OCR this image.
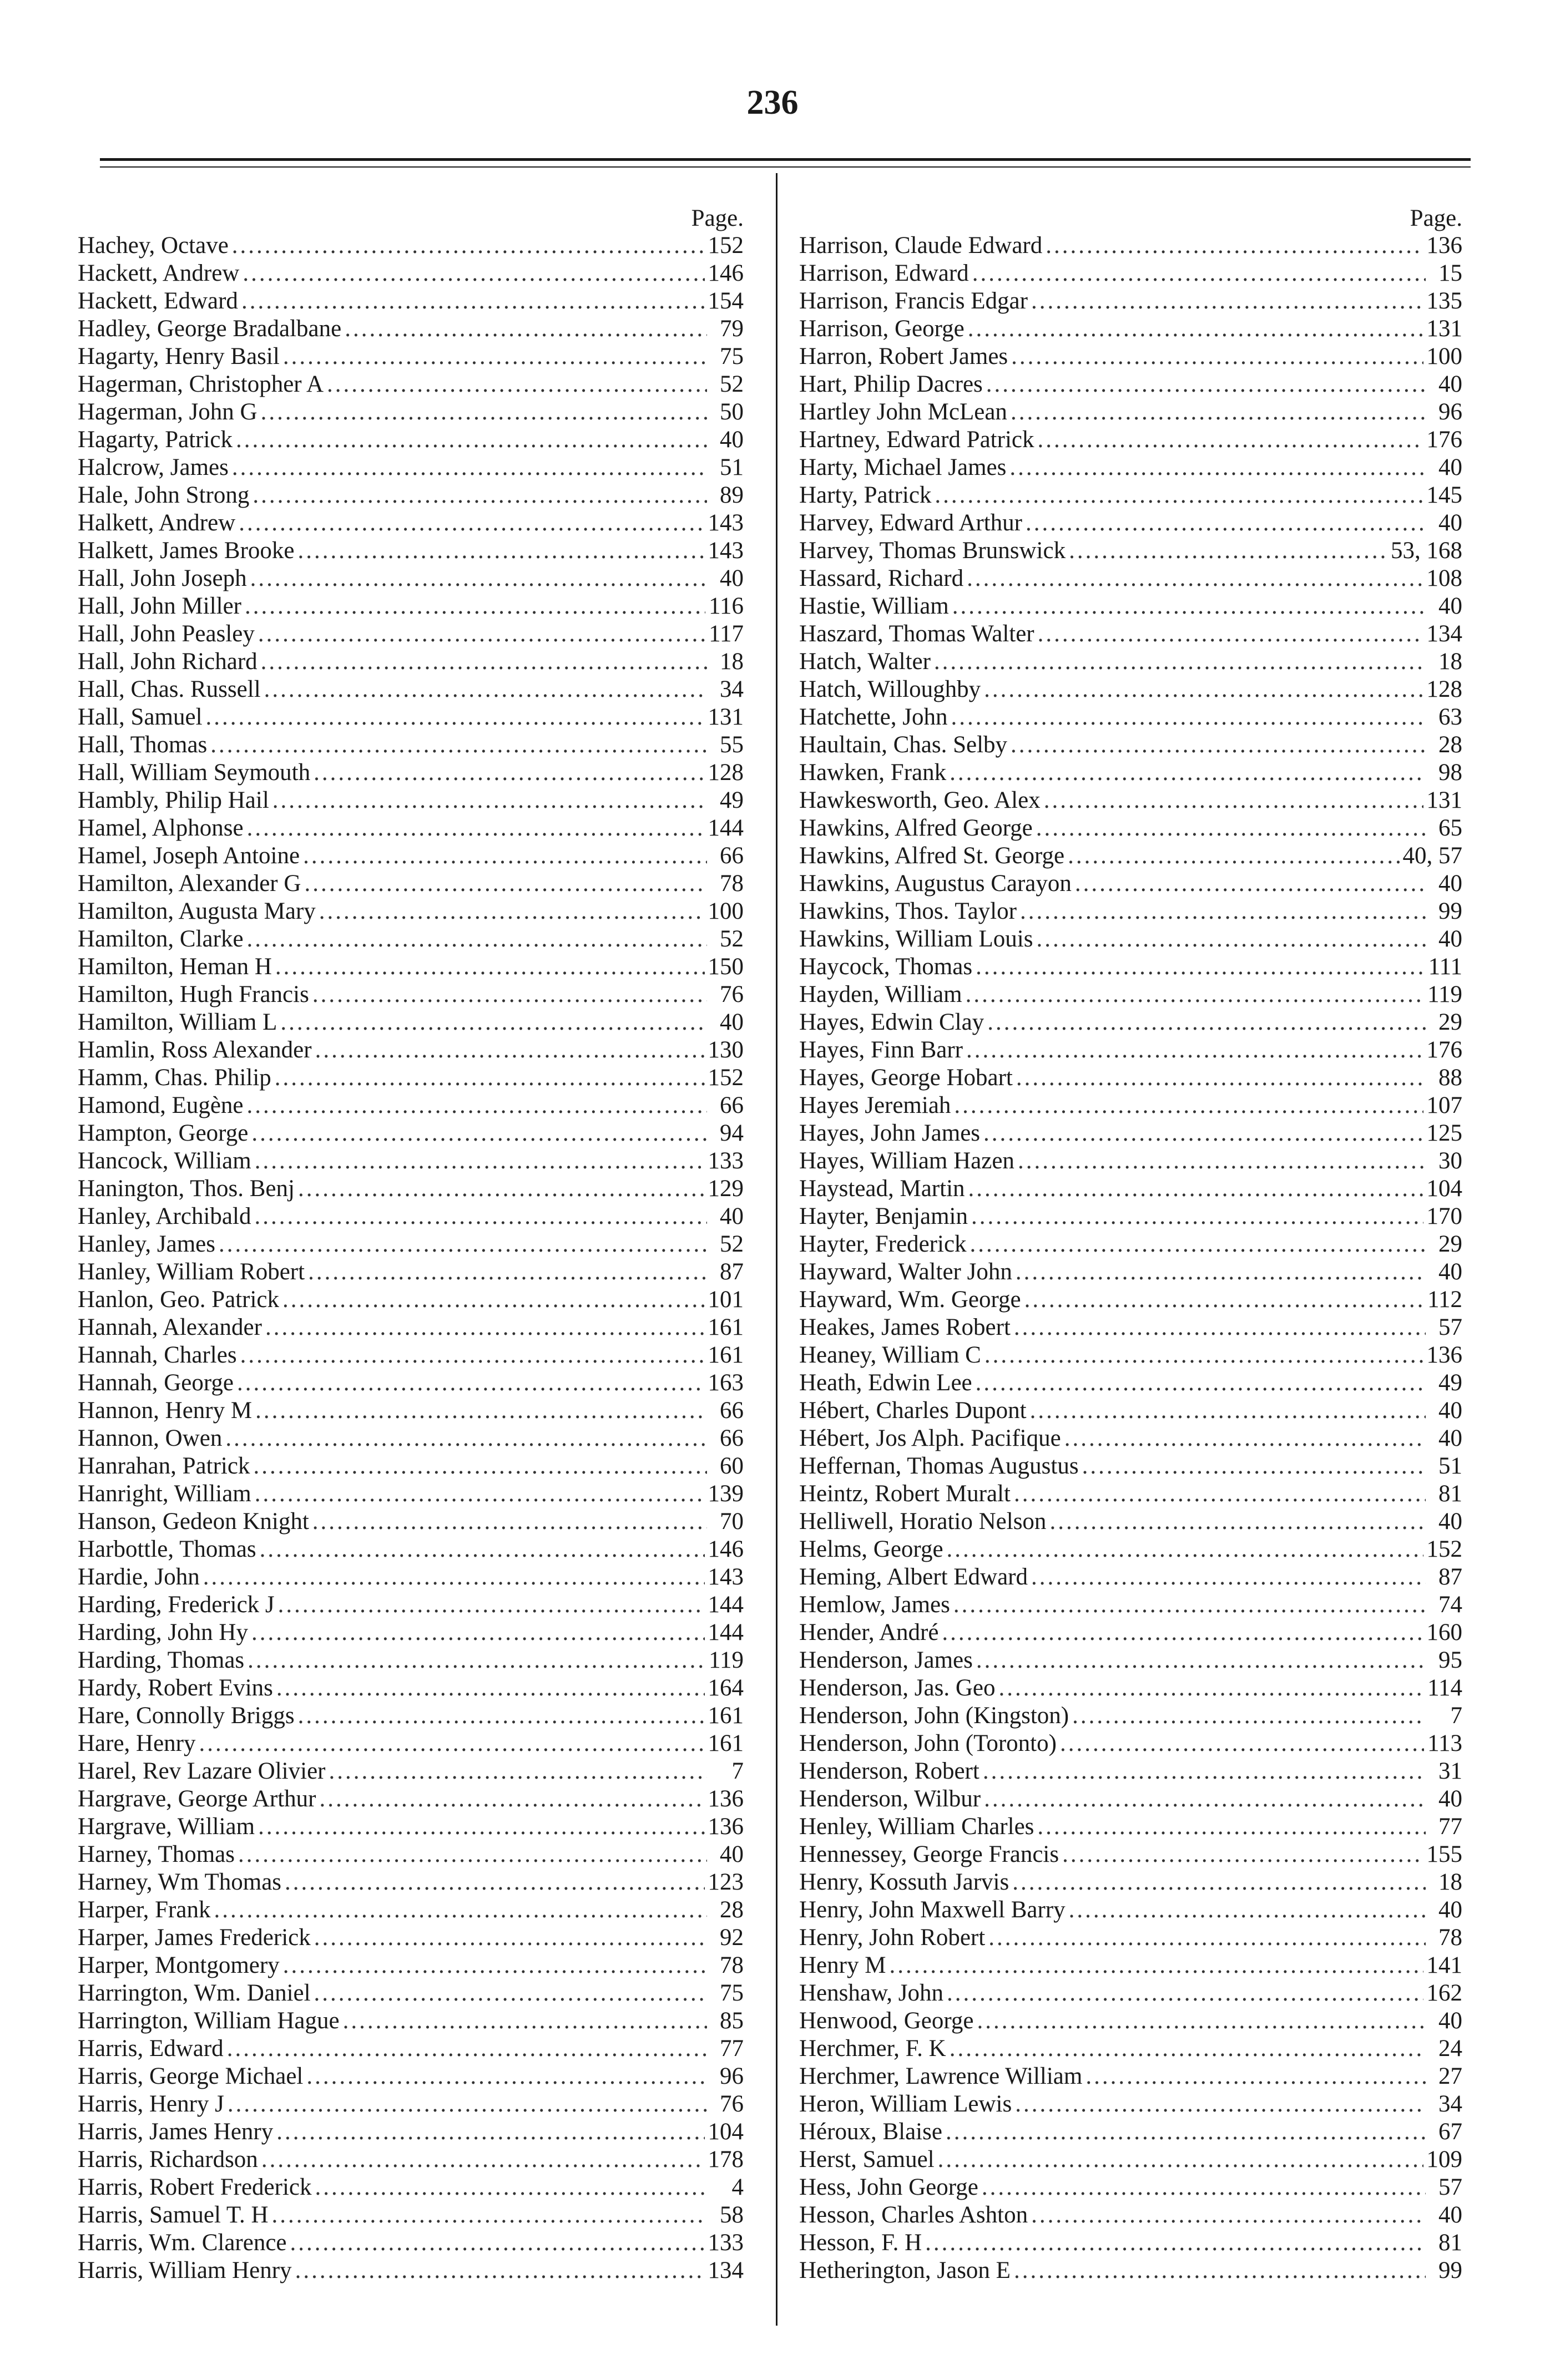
236
Page.
Hachey, Octave .....	152
Hackett, Andrew .....	146
Hackett, Edward .....	154
Hadley, George Bradalbane .....	79
Hagarty, Henry Basil .....	75
Hagerman, Christopher A .....	52
Hagerman, John G .....	50
Hagarty, Patrick .....	40
Halcrow, James .....	51
Hale, John Strong .....	89
Halkett, Andrew .....	143
Halkett, James Brooke .....	143
Hall, John Joseph .....	40
Hall, John Miller .....	116
Hall, John Peasley .....	117
Hall, John Richard .....	18
Hall, Chas. Russell .....	34
Hall, Samuel .....	131
Hall, Thomas .....	55
Hall, William Seymouth .....	128
Hambly, Philip Hail .....	49
Hamel, Alphonse .....	144
Hamel, Joseph Antoine .....	66
Hamilton, Alexander G .....	78
Hamilton, Augusta Mary .....	100
Hamilton, Clarke .....	52
Hamilton, Heman H .....	150
Hamilton, Hugh Francis .....	76
Hamilton, William L .....	40
Hamlin, Ross Alexander .....	130
Hamm, Chas. Philip .....	152
Hamond, Eugène .....	66
Hampton, George .....	94
Hancock, William .....	133
Hanington, Thos. Benj .....	129
Hanley, Archibald .....	40
Hanley, James .....	52
Hanley, William Robert .....	87
Hanlon, Geo. Patrick .....	101
Hannah, Alexander .....	161
Hannah, Charles .....	161
Hannah, George .....	163
Hannon, Henry M .....	66
Hannon, Owen .....	66
Hanrahan, Patrick .....	60
Hanright, William .....	139
Hanson, Gedeon Knight .....	70
Harbottle, Thomas .....	146
Hardie, John .....	143
Harding, Frederick J .....	144
Harding, John Hy .....	144
Harding, Thomas .....	119
Hardy, Robert Evins .....	164
Hare, Connolly Briggs .....	161
Hare, Henry .....	161
Harel, Rev Lazare Olivier .....	7
Hargrave, George Arthur .....	136
Hargrave, William .....	136
Harney, Thomas .....	40
Harney, Wm Thomas .....	123
Harper, Frank .....	28
Harper, James Frederick .....	92
Harper, Montgomery .....	78
Harrington, Wm. Daniel .....	75
Harrington, William Hague .....	85
Harris, Edward .....	77
Harris, George Michael .....	96
Harris, Henry J .....	76
Harris, James Henry .....	104
Harris, Richardson .....	178
Harris, Robert Frederick .....	4
Harris, Samuel T. H .....	58
Harris, Wm. Clarence .....	133
Harris, William Henry .....	134
Page.
Harrison, Claude Edward .....	136
Harrison, Edward .....	15
Harrison, Francis Edgar .....	135
Harrison, George .....	131
Harron, Robert James .....	100
Hart, Philip Dacres .....	40
Hartley John McLean .....	96
Hartney, Edward Patrick .....	176
Harty, Michael James .....	40
Harty, Patrick .....	145
Harvey, Edward Arthur .....	40
Harvey, Thomas Brunswick .....	53, 168
Hassard, Richard .....	108
Hastie, William .....	40
Haszard, Thomas Walter .....	134
Hatch, Walter .....	18
Hatch, Willoughby .....	128
Hatchette, John .....	63
Haultain, Chas. Selby .....	28
Hawken, Frank .....	98
Hawkesworth, Geo. Alex .....	131
Hawkins, Alfred George .....	65
Hawkins, Alfred St. George .....	40, 57
Hawkins, Augustus Carayon .....	40
Hawkins, Thos. Taylor .....	99
Hawkins, William Louis .....	40
Haycock, Thomas .....	111
Hayden, William .....	119
Hayes, Edwin Clay .....	29
Hayes, Finn Barr .....	176
Hayes, George Hobart .....	88
Hayes Jeremiah .....	107
Hayes, John James .....	125
Hayes, William Hazen .....	30
Haystead, Martin .....	104
Hayter, Benjamin .....	170
Hayter, Frederick .....	29
Hayward, Walter John .....	40
Hayward, Wm. George .....	112
Heakes, James Robert .....	57
Heaney, William C .....	136
Heath, Edwin Lee .....	49
Hébert, Charles Dupont .....	40
Hébert, Jos Alph. Pacifique .....	40
Heffernan, Thomas Augustus .....	51
Heintz, Robert Muralt .....	81
Helliwell, Horatio Nelson .....	40
Helms, George .....	152
Heming, Albert Edward .....	87
Hemlow, James .....	74
Hender, André .....	160
Henderson, James .....	95
Henderson, Jas. Geo .....	114
Henderson, John (Kingston) .....	7
Henderson, John (Toronto) .....	113
Henderson, Robert .....	31
Henderson, Wilbur .....	40
Henley, William Charles .....	77
Hennessey, George Francis .....	155
Henry, Kossuth Jarvis .....	18
Henry, John Maxwell Barry .....	40
Henry, John Robert .....	78
Henry M .....	141
Henshaw, John .....	162
Henwood, George .....	40
Herchmer, F. K .....	24
Herchmer, Lawrence William .....	27
Heron, William Lewis .....	34
Héroux, Blaise .....	67
Herst, Samuel .....	109
Hess, John George .....	57
Hesson, Charles Ashton .....	40
Hesson, F. H .....	81
Hetherington, Jason E .....	99
